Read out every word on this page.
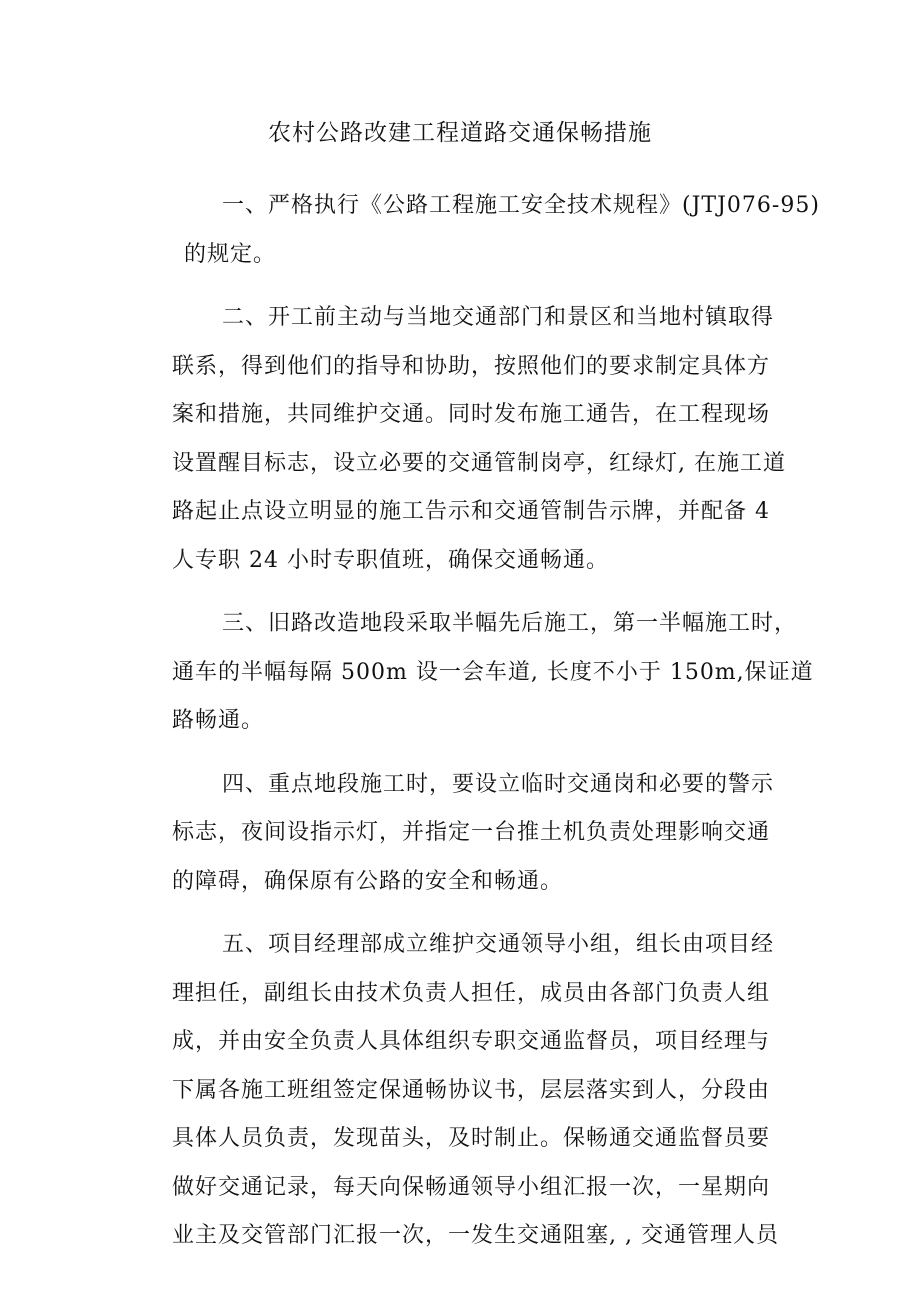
农村公路改建工程道路交通保畅措施

一、严格执行《公路工程施工安全技术规程》(JTJ076-95)
的规定。

二、开工前主动与当地交通部门和景区和当地村镇取得
联系，得到他们的指导和协助，按照他们的要求制定具体方
案和措施，共同维护交通。同时发布施工通告，在工程现场
设置醒目标志，设立必要的交通管制岗亭，红绿灯, 在施工道
路起止点设立明显的施工告示和交通管制告示牌，并配备 4
人专职 24 小时专职值班，确保交通畅通。

三、旧路改造地段采取半幅先后施工，第一半幅施工时，
通车的半幅每隔 500m 设一会车道, 长度不小于 150m,保证道
路畅通。

四、重点地段施工时，要设立临时交通岗和必要的警示
标志，夜间设指示灯，并指定一台推土机负责处理影响交通
的障碍，确保原有公路的安全和畅通。

五、项目经理部成立维护交通领导小组，组长由项目经
理担任，副组长由技术负责人担任，成员由各部门负责人组
成，并由安全负责人具体组织专职交通监督员，项目经理与
下属各施工班组签定保通畅协议书，层层落实到人，分段由
具体人员负责，发现苗头，及时制止。保畅通交通监督员要
做好交通记录，每天向保畅通领导小组汇报一次，一星期向
业主及交管部门汇报一次，一发生交通阻塞, , 交通管理人员
